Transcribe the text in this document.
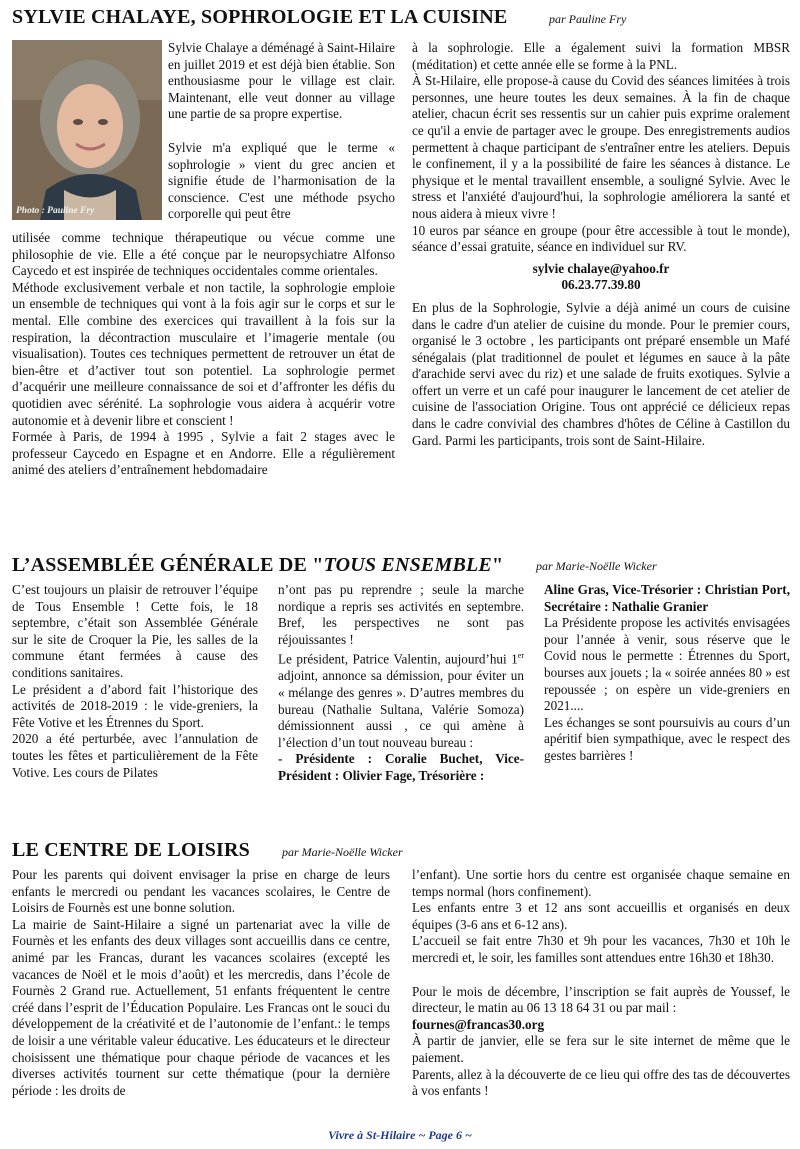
SYLVIE CHALAYE, SOPHROLOGIE ET LA CUISINE	par Pauline Fry
Photo : Pauline Fry

Sylvie Chalaye a déménagé à Saint-Hilaire en juillet 2019 et est déjà bien établie. Son enthousiasme pour le village est clair. Maintenant, elle veut donner au village une partie de sa propre expertise.

Sylvie m'a expliqué que le terme « sophrologie » vient du grec ancien et signifie étude de l’harmonisation de la conscience. C'est une méthode psycho corporelle qui peut être

utilisée comme technique thérapeutique ou vécue comme une philosophie de vie. Elle a été conçue par le neuropsychiatre Alfonso Caycedo et est inspirée de techniques occidentales comme orientales.

Méthode exclusivement verbale et non tactile, la sophrologie emploie un ensemble de techniques qui vont à la fois agir sur le corps et sur le mental. Elle combine des exercices qui travaillent à la fois sur la respiration, la décontraction musculaire et l’imagerie mentale (ou visualisation). Toutes ces techniques permettent de retrouver un état de bien-être et d’activer tout son potentiel. La sophrologie permet d’acquérir une meilleure connaissance de soi et d’affronter les défis du quotidien avec sérénité. La sophrologie vous aidera à acquérir votre autonomie et à devenir libre et conscient !

Formée à Paris, de 1994 à 1995 , Sylvie a fait 2 stages avec le professeur Caycedo en Espagne et en Andorre. Elle a régulièrement animé des ateliers d’entraînement hebdomadaire

à la sophrologie. Elle a également suivi la formation MBSR (méditation) et cette année elle se forme à la PNL.

À St-Hilaire, elle propose-à cause du Covid des séances limitées à trois personnes, une heure toutes les deux semaines. À la fin de chaque atelier, chacun écrit ses ressentis sur un cahier puis exprime oralement ce qu'il a envie de partager avec le groupe. Des enregistrements audios permettent à chaque participant de s'entraîner entre les ateliers. Depuis le confinement, il y a la possibilité de faire les séances à distance. Le physique et le mental travaillent ensemble, a souligné Sylvie. Avec le stress et l'anxiété d'aujourd'hui, la sophrologie améliorera la santé et nous aidera à mieux vivre !

10 euros par séance en groupe (pour être accessible à tout le monde), séance d’essai gratuite, séance en individuel sur RV.

sylvie chalaye@yahoo.fr

06.23.77.39.80

En plus de la Sophrologie, Sylvie a déjà animé un cours de cuisine dans le cadre d'un atelier de cuisine du monde. Pour le premier cours, organisé le 3 octobre , les participants ont préparé ensemble un Mafé sénégalais (plat traditionnel de poulet et légumes en sauce à la pâte d'arachide servi avec du riz) et une salade de fruits exotiques. Sylvie a offert un verre et un café pour inaugurer le lancement de cet atelier de cuisine de l'association Origine. Tous ont apprécié ce délicieux repas dans le cadre convivial des chambres d'hôtes de Céline à Castillon du Gard. Parmi les participants, trois sont de Saint-Hilaire.

L’ASSEMBLÉE GÉNÉRALE DE "TOUS ENSEMBLE"	par Marie-Noëlle Wicker

C’est toujours un plaisir de retrouver l’équipe de Tous Ensemble ! Cette fois, le 18 septembre, c’était son Assemblée Générale sur le site de Croquer la Pie, les salles de la commune étant fermées à cause des conditions sanitaires.

Le président a d’abord fait l’historique des activités de 2018-2019 : le vide-greniers, la Fête Votive et les Étrennes du Sport.

2020 a été perturbée, avec l’annulation de toutes les fêtes et particulièrement de la Fête Votive. Les cours de Pilates

n’ont pas pu reprendre ; seule la marche nordique a repris ses activités en septembre. Bref, les perspectives ne sont pas réjouissantes !

Le président, Patrice Valentin, aujourd’hui 1er adjoint, annonce sa démission, pour éviter un « mélange des genres ». D’autres membres du bureau (Nathalie Sultana, Valérie Somoza) démissionnent aussi , ce qui amène à l’élection d’un tout nouveau bureau :

- Présidente : Coralie Buchet, Vice-Président : Olivier Fage, Trésorière :

Aline Gras, Vice-Trésorier : Christian Port, Secrétaire : Nathalie Granier

La Présidente propose les activités envisagées pour l’année à venir, sous réserve que le Covid nous le permette : Étrennes du Sport, bourses aux jouets ; la « soirée années 80 » est repoussée ; on espère un vide-greniers en 2021....

Les échanges se sont poursuivis au cours d’un apéritif bien sympathique, avec le respect des gestes barrières !

LE CENTRE DE LOISIRS	par Marie-Noëlle Wicker

Pour les parents qui doivent envisager la prise en charge de leurs enfants le mercredi ou pendant les vacances scolaires, le Centre de Loisirs de Fournès est une bonne solution.

La mairie de Saint-Hilaire a signé un partenariat avec la ville de Fournès et les enfants des deux villages sont accueillis dans ce centre, animé par les Francas, durant les vacances scolaires (excepté les vacances de Noël et le mois d’août) et les mercredis, dans l’école de Fournès 2 Grand rue. Actuellement, 51 enfants fréquentent le centre créé dans l’esprit de l’Éducation Populaire. Les Francas ont le souci du développement de la créativité et de l’autonomie de l’enfant.: le temps de loisir a une véritable valeur éducative. Les éducateurs et le directeur choisissent une thématique pour chaque période de vacances et les diverses activités tournent sur cette thématique (pour la dernière période : les droits de

l’enfant). Une sortie hors du centre est organisée chaque semaine en temps normal (hors confinement).

Les enfants entre 3 et 12 ans sont accueillis et organisés en deux équipes (3-6 ans et 6-12 ans).

L’accueil se fait entre 7h30 et 9h pour les vacances, 7h30 et 10h le mercredi et, le soir, les familles sont attendues entre 16h30 et 18h30.

Pour le mois de décembre, l’inscription se fait auprès de Youssef, le directeur, le matin au 06 13 18 64 31 ou par mail :

fournes@francas30.org

À partir de janvier, elle se fera sur le site internet de même que le paiement.

Parents, allez à la découverte de ce lieu qui offre des tas de découvertes à vos enfants !

Vivre à St-Hilaire ~ Page 6 ~
